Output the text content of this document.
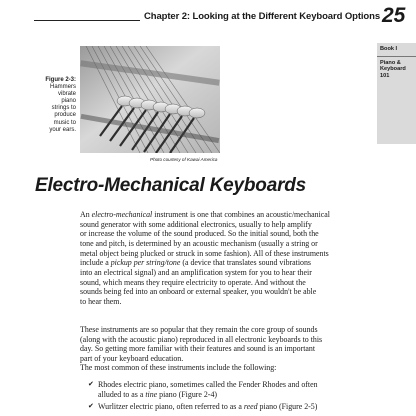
Chapter 2: Looking at the Different Keyboard Options 25
Book I
Piano &
Keyboard
101
Figure 2-3:
Hammers
vibrate
piano
strings to
produce
music to
your ears.
Photo courtesy of Kawai America
Electro-Mechanical Keyboards
An electro-mechanical instrument is one that combines an acoustic/mechanical
sound generator with some additional electronics, usually to help amplify
or increase the volume of the sound produced. So the initial sound, both the
tone and pitch, is determined by an acoustic mechanism (usually a string or
metal object being plucked or struck in some fashion). All of these instruments
include a pickup per string/tone (a device that translates sound vibrations
into an electrical signal) and an amplification system for you to hear their
sound, which means they require electricity to operate. And without the
sounds being fed into an onboard or external speaker, you wouldn't be able
to hear them.
These instruments are so popular that they remain the core group of sounds
(along with the acoustic piano) reproduced in all electronic keyboards to this
day. So getting more familiar with their features and sound is an important
part of your keyboard education.
The most common of these instruments include the following:
✔ Rhodes electric piano, sometimes called the Fender Rhodes and often
alluded to as a tine piano (Figure 2-4)
✔ Wurlitzer electric piano, often referred to as a reed piano (Figure 2-5)
